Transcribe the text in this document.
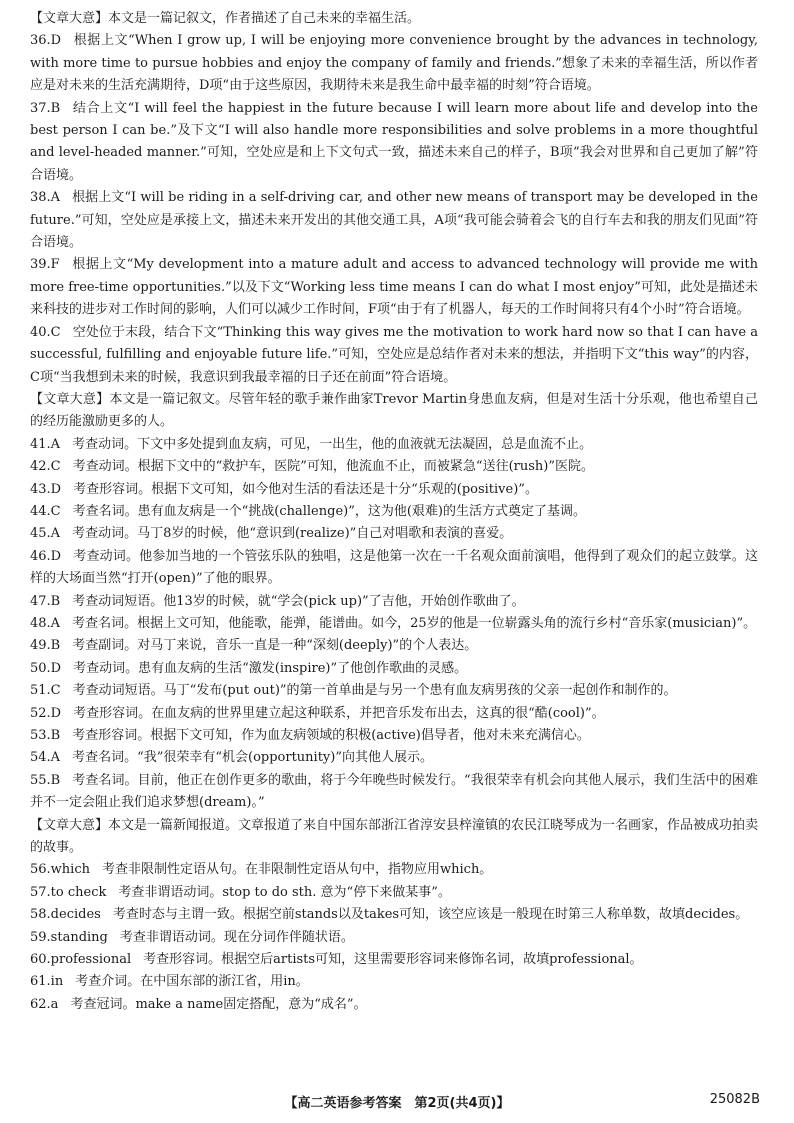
【文章大意】本文是一篇记叙文，作者描述了自己未来的幸福生活。

36.D 根据上文“When I grow up, I will be enjoying more convenience brought by the advances in technology, with more time to pursue hobbies and enjoy the company of family and friends.”想象了未来的幸福生活，所以作者应是对未来的生活充满期待，D项“由于这些原因，我期待未来是我生命中最幸福的时刻”符合语境。

37.B 结合上文“I will feel the happiest in the future because I will learn more about life and develop into the best person I can be.”及下文“I will also handle more responsibilities and solve problems in a more thoughtful and level-headed manner.”可知，空处应是和上下文句式一致，描述未来自己的样子，B项“我会对世界和自己更加了解”符合语境。

38.A 根据上文“I will be riding in a self-driving car, and other new means of transport may be developed in the future.”可知，空处应是承接上文，描述未来开发出的其他交通工具，A项“我可能会骑着会飞的自行车去和我的朋友们见面”符合语境。

39.F 根据上文“My development into a mature adult and access to advanced technology will provide me with more free-time opportunities.”以及下文“Working less time means I can do what I most enjoy”可知，此处是描述未来科技的进步对工作时间的影响，人们可以减少工作时间，F项“由于有了机器人，每天的工作时间将只有4个小时”符合语境。

40.C 空处位于末段，结合下文“Thinking this way gives me the motivation to work hard now so that I can have a successful, fulfilling and enjoyable future life.”可知，空处应是总结作者对未来的想法，并指明下文“this way”的内容，C项“当我想到未来的时候，我意识到我最幸福的日子还在前面”符合语境。

【文章大意】本文是一篇记叙文。尽管年轻的歌手兼作曲家Trevor Martin身患血友病，但是对生活十分乐观，他也希望自己的经历能激励更多的人。

41.A 考查动词。下文中多处提到血友病，可见，一出生，他的血液就无法凝固，总是血流不止。

42.C 考查动词。根据下文中的“救护车，医院”可知，他流血不止，而被紧急“送往(rush)”医院。

43.D 考查形容词。根据下文可知，如今他对生活的看法还是十分“乐观的(positive)”。

44.C 考查名词。患有血友病是一个“挑战(challenge)”，这为他(艰难)的生活方式奠定了基调。

45.A 考查动词。马丁8岁的时候，他“意识到(realize)”自己对唱歌和表演的喜爱。

46.D 考查动词。他参加当地的一个管弦乐队的独唱，这是他第一次在一千名观众面前演唱，他得到了观众们的起立鼓掌。这样的大场面当然“打开(open)”了他的眼界。

47.B 考查动词短语。他13岁的时候，就“学会(pick up)”了吉他，开始创作歌曲了。

48.A 考查名词。根据上文可知，他能歌，能弹，能谱曲。如今，25岁的他是一位崭露头角的流行乡村“音乐家(musician)”。

49.B 考查副词。对马丁来说，音乐一直是一种“深刻(deeply)”的个人表达。

50.D 考查动词。患有血友病的生活“激发(inspire)”了他创作歌曲的灵感。

51.C 考查动词短语。马丁“发布(put out)”的第一首单曲是与另一个患有血友病男孩的父亲一起创作和制作的。

52.D 考查形容词。在血友病的世界里建立起这种联系，并把音乐发布出去，这真的很“酷(cool)”。

53.B 考查形容词。根据下文可知，作为血友病领域的积极(active)倡导者，他对未来充满信心。

54.A 考查名词。“我”很荣幸有“机会(opportunity)”向其他人展示。

55.B 考查名词。目前，他正在创作更多的歌曲，将于今年晚些时候发行。“我很荣幸有机会向其他人展示，我们生活中的困难并不一定会阻止我们追求梦想(dream)。”

【文章大意】本文是一篇新闻报道。文章报道了来自中国东部浙江省淳安县梓潼镇的农民江晓琴成为一名画家，作品被成功拍卖的故事。

56.which 考查非限制性定语从句。在非限制性定语从句中，指物应用which。

57.to check 考查非谓语动词。stop to do sth. 意为“停下来做某事”。

58.decides 考查时态与主谓一致。根据空前stands以及takes可知，该空应该是一般现在时第三人称单数，故填decides。

59.standing 考查非谓语动词。现在分词作伴随状语。

60.professional 考查形容词。根据空后artists可知，这里需要形容词来修饰名词，故填professional。

61.in 考查介词。在中国东部的浙江省，用in。

62.a 考查冠词。make a name固定搭配，意为“成名”。

【高二英语参考答案　第2页(共4页)】	25082B
